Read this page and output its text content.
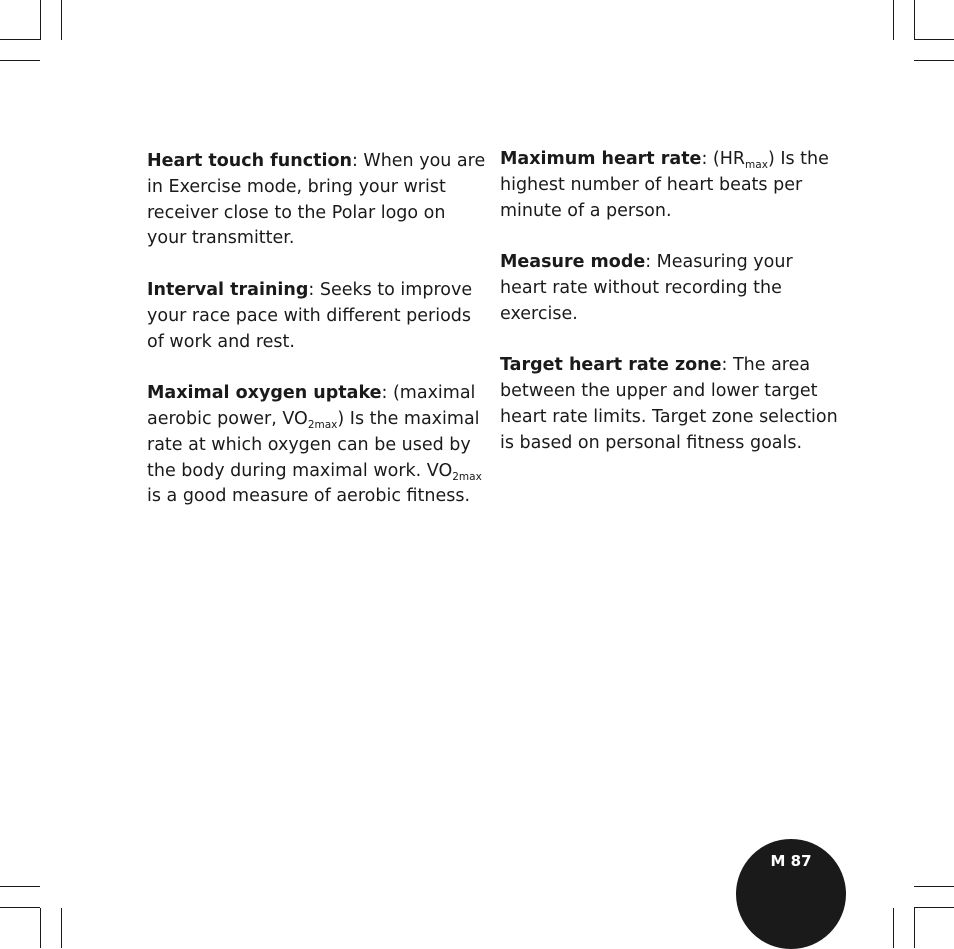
Heart touch function: When you are in Exercise mode, bring your wrist receiver close to the Polar logo on your transmitter.

Interval training: Seeks to improve your race pace with different periods of work and rest.

Maximal oxygen uptake: (maximal aerobic power, $VO_{2max}$) Is the maximal rate at which oxygen can be used by the body during maximal work. $VO_{2max}$ is a good measure of aerobic fitness.

Maximum heart rate: $(HR_{max})$ Is the highest number of heart beats per minute of a person.

Measure mode: Measuring your heart rate without recording the exercise.

Target heart rate zone: The area between the upper and lower target heart rate limits. Target zone selection is based on personal fitness goals.

M 87
